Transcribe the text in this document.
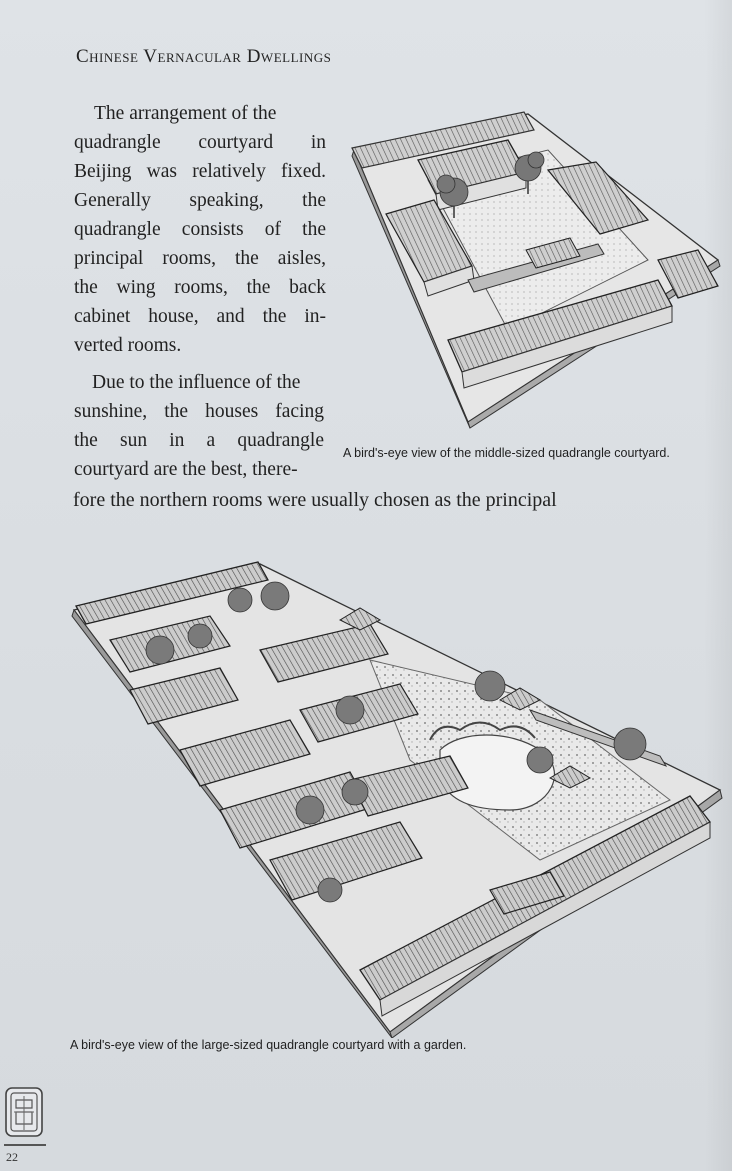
Chinese Vernacular Dwellings

The arrangement of the
quadrangle courtyard in
Beijing was relatively fixed.
Generally speaking, the
quadrangle consists of the
principal rooms, the aisles,
the wing rooms, the back
cabinet house, and the in-
verted rooms.

Due to the influence of the
sunshine, the houses facing
the sun in a quadrangle
courtyard are the best, there-

fore the northern rooms were usually chosen as the principal

A bird's-eye view of the middle-sized quadrangle courtyard.
A bird's-eye view of the large-sized quadrangle courtyard with a garden.
22
